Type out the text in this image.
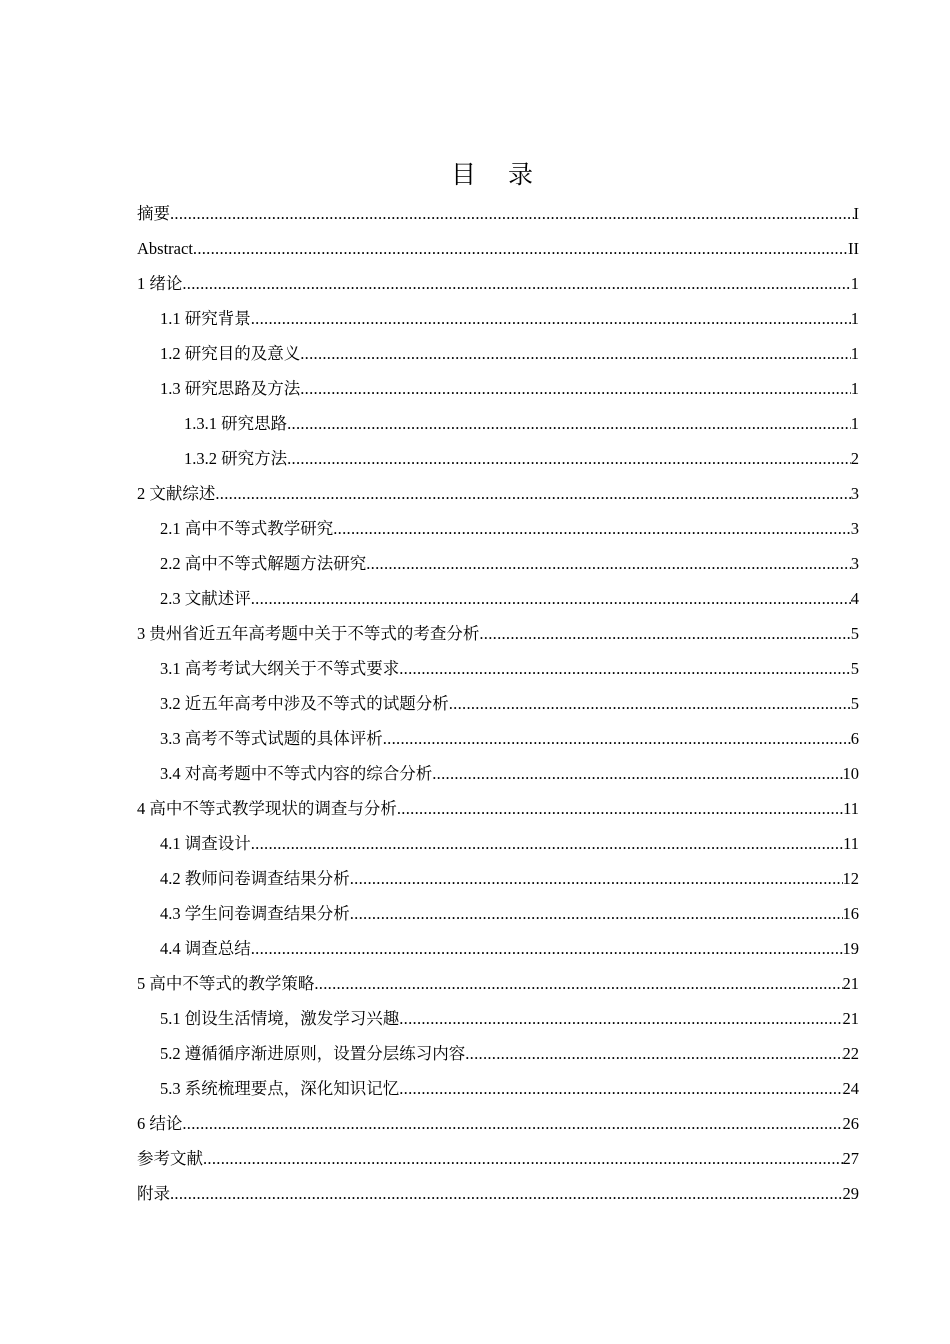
目 录
摘要 .....	I
Abstract .....	II
1 绪论 .....	1
1.1 研究背景 .....	1
1.2 研究目的及意义 .....	1
1.3 研究思路及方法 .....	1
1.3.1 研究思路 .....	1
1.3.2 研究方法 .....	2
2 文献综述 .....	3
2.1 高中不等式教学研究 .....	3
2.2 高中不等式解题方法研究 .....	3
2.3 文献述评 .....	4
3 贵州省近五年高考题中关于不等式的考查分析 .....	5
3.1 高考考试大纲关于不等式要求 .....	5
3.2 近五年高考中涉及不等式的试题分析 .....	5
3.3 高考不等式试题的具体评析 .....	6
3.4 对高考题中不等式内容的综合分析 .....	10
4 高中不等式教学现状的调查与分析 .....	11
4.1 调查设计 .....	11
4.2 教师问卷调查结果分析 .....	12
4.3 学生问卷调查结果分析 .....	16
4.4 调查总结 .....	19
5 高中不等式的教学策略 .....	21
5.1 创设生活情境，激发学习兴趣 .....	21
5.2 遵循循序渐进原则，设置分层练习内容 .....	22
5.3 系统梳理要点，深化知识记忆 .....	24
6 结论 .....	26
参考文献 .....	27
附录 .....	29
